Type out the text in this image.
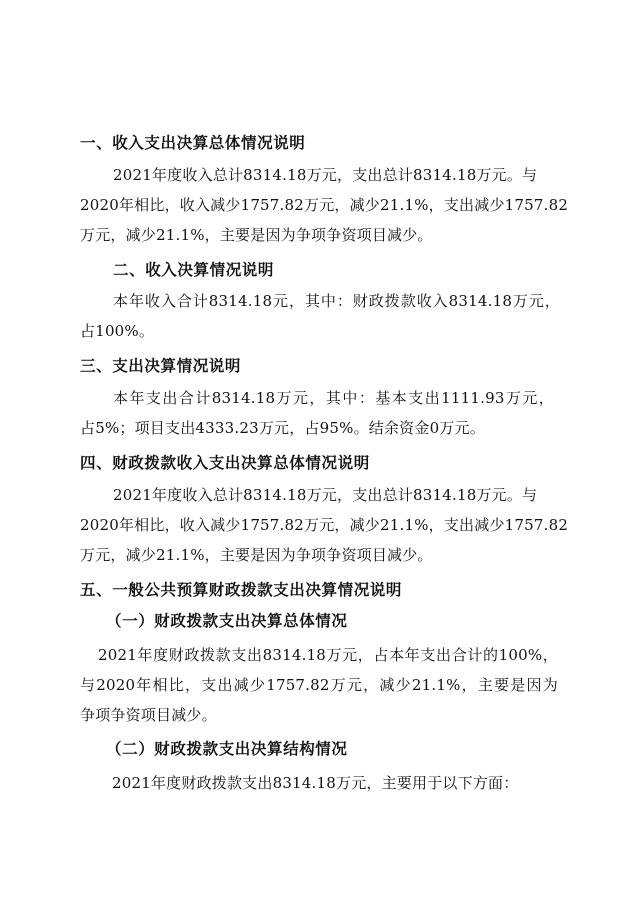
一、收入支出决算总体情况说明
2021年度收入总计8314.18万元，支出总计8314.18万元。与
2020年相比，收入减少1757.82万元，减少21.1%，支出减少1757.82
万元，减少21.1%，主要是因为争项争资项目减少。
二、收入决算情况说明
本年收入合计8314.18元，其中：财政拨款收入8314.18万元，
占100%。
三、支出决算情况说明
本年支出合计8314.18万元，其中：基本支出1111.93万元，
占5%；项目支出4333.23万元，占95%。结余资金0万元。
四、财政拨款收入支出决算总体情况说明
2021年度收入总计8314.18万元，支出总计8314.18万元。与
2020年相比，收入减少1757.82万元，减少21.1%，支出减少1757.82
万元，减少21.1%，主要是因为争项争资项目减少。
五、一般公共预算财政拨款支出决算情况说明
（一）财政拨款支出决算总体情况
2021年度财政拨款支出8314.18万元，占本年支出合计的100%，
与2020年相比，支出减少1757.82万元，减少21.1%，主要是因为
争项争资项目减少。
（二）财政拨款支出决算结构情况
2021年度财政拨款支出8314.18万元，主要用于以下方面：
